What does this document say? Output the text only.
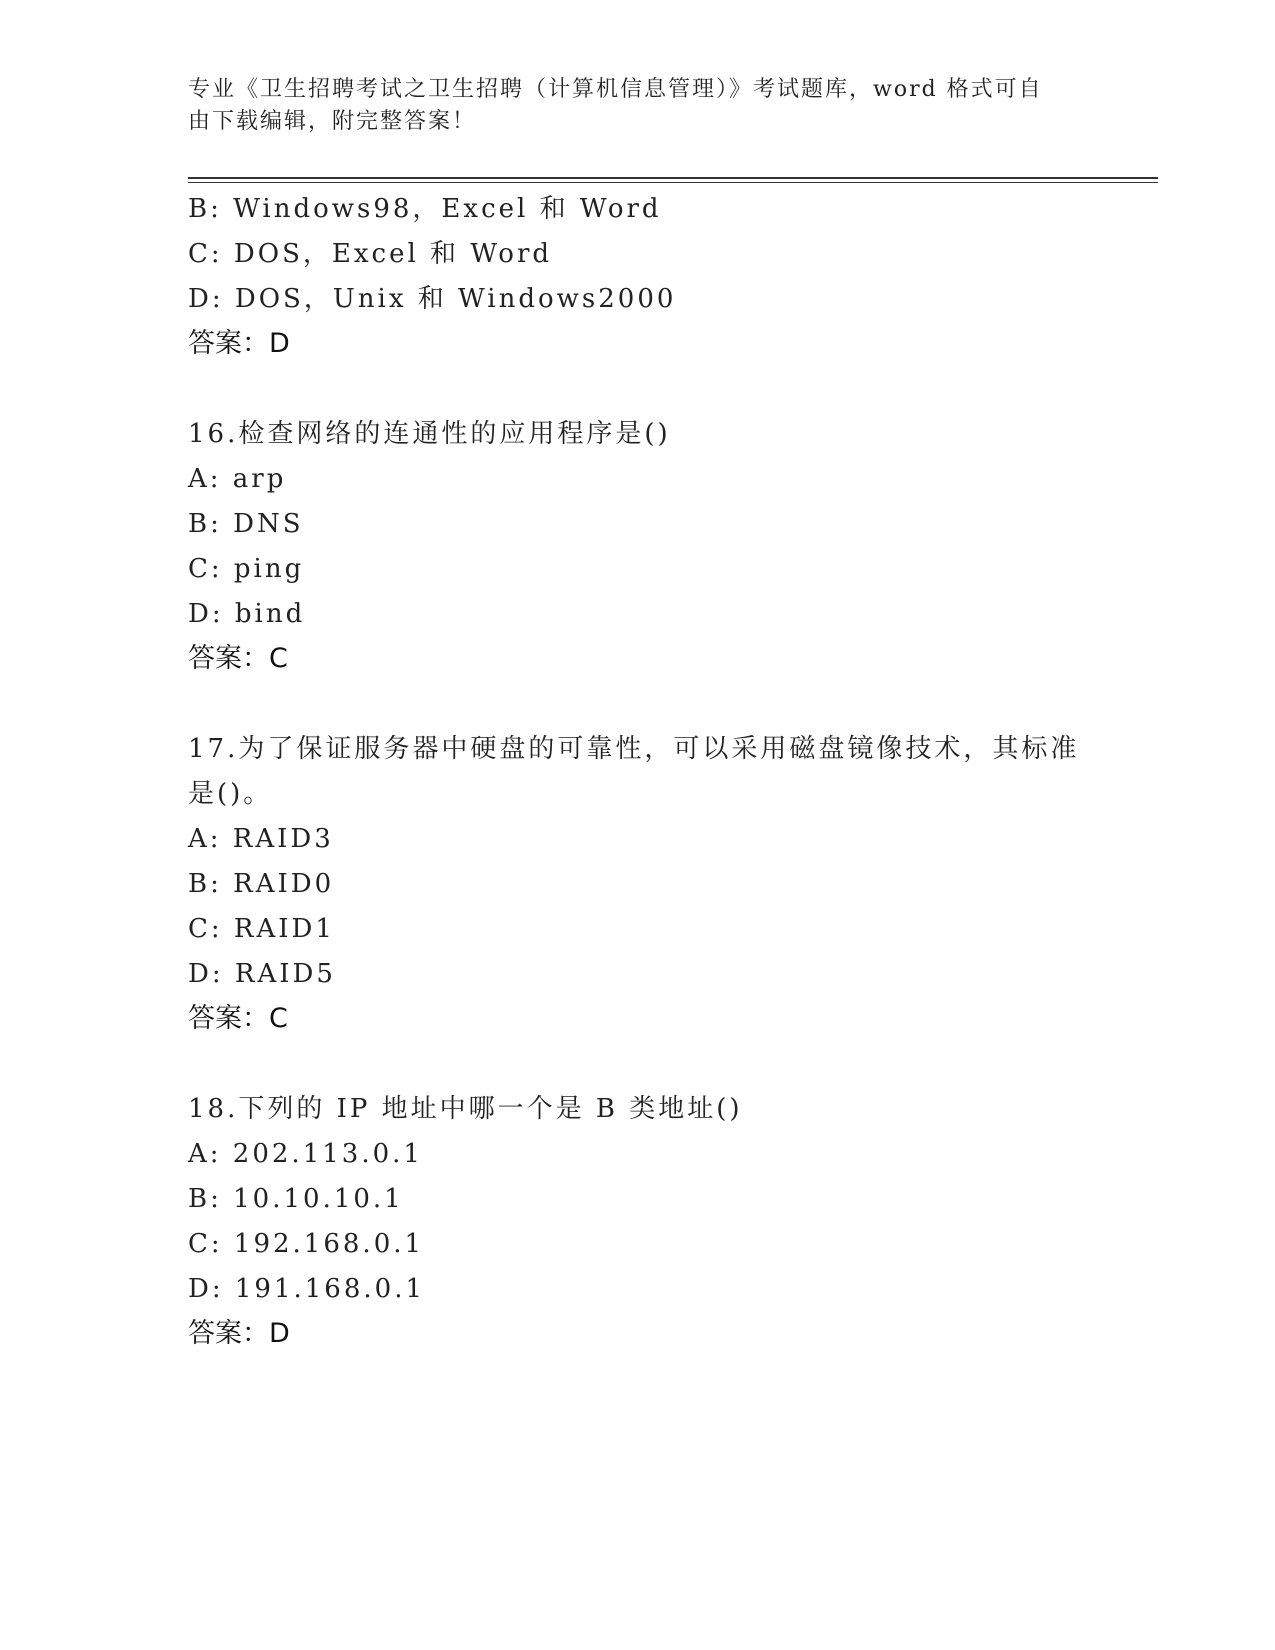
专业《卫生招聘考试之卫生招聘（计算机信息管理）》考试题库，word 格式可自
由下载编辑，附完整答案！
B: Windows98，Excel 和 Word
C: DOS，Excel 和 Word
D: DOS，Unix 和 Windows2000
答案：D
16.检查网络的连通性的应用程序是()
A: arp
B: DNS
C: ping
D: bind
答案：C
17.为了保证服务器中硬盘的可靠性，可以采用磁盘镜像技术，其标准
是()。
A: RAID3
B: RAID0
C: RAID1
D: RAID5
答案：C
18.下列的 IP 地址中哪一个是 B 类地址()
A: 202.113.0.1
B: 10.10.10.1
C: 192.168.0.1
D: 191.168.0.1
答案：D
